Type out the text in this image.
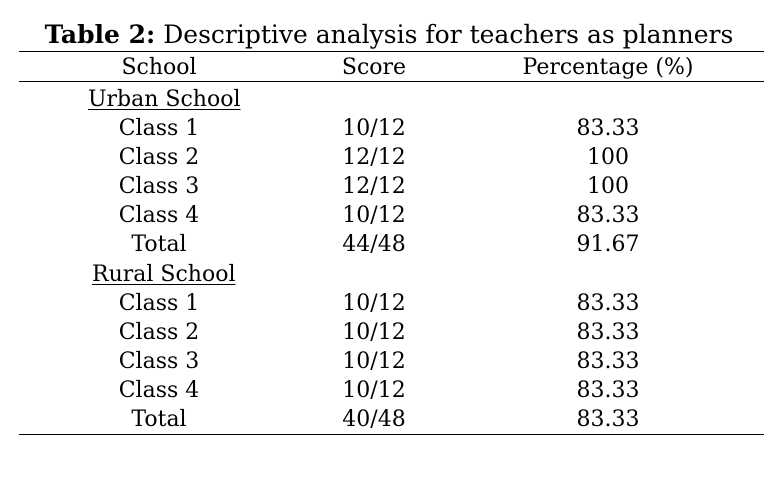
Table 2: Descriptive analysis for teachers as planners
School	Score	Percentage (%)
Urban School
Class 1	10/12	83.33
Class 2	12/12	100
Class 3	12/12	100
Class 4	10/12	83.33
Total	44/48	91.67
Rural School
Class 1	10/12	83.33
Class 2	10/12	83.33
Class 3	10/12	83.33
Class 4	10/12	83.33
Total	40/48	83.33
